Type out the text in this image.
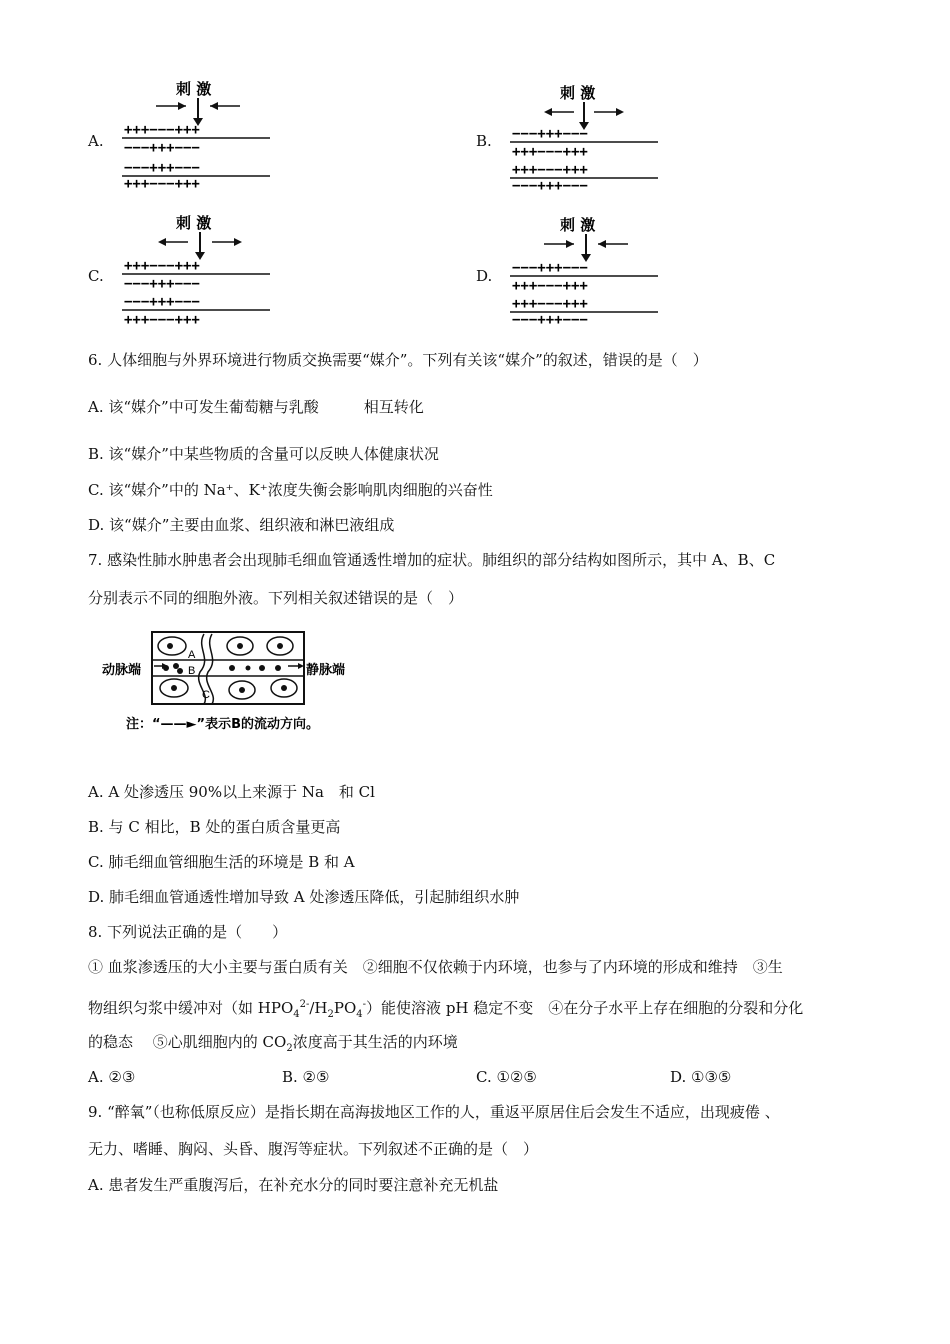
A.
刺 激
+++−−−+++
−−−+++−−−
−−−+++−−−
+++−−−+++
B.
刺 激
−−−+++−−−
+++−−−+++
+++−−−+++
−−−+++−−−
C.
刺 激
+++−−−+++
−−−+++−−−
−−−+++−−−
+++−−−+++
D.
刺 激
−−−+++−−−
+++−−−+++
+++−−−+++
−−−+++−−−
6. 人体细胞与外界环境进行物质交换需要“媒介”。下列有关该“媒介”的叙述，错误的是（　）
A. 该“媒介”中可发生葡萄糖与乳酸　　　相互转化
B. 该“媒介”中某些物质的含量可以反映人体健康状况
C. 该“媒介”中的 Na⁺、K⁺浓度失衡会影响肌肉细胞的兴奋性
D. 该“媒介”主要由血浆、组织液和淋巴液组成
7. 感染性肺水肿患者会出现肺毛细血管通透性增加的症状。肺组织的部分结构如图所示，其中 A、B、C
分别表示不同的细胞外液。下列相关叙述错误的是（　）
A
B
C
动脉端	静脉端
注：“——►”表示B的流动方向。
A. A 处渗透压 90%以上来源于 Na　和 Cl
B. 与 C 相比，B 处的蛋白质含量更高
C. 肺毛细血管细胞生活的环境是 B 和 A
D. 肺毛细血管通透性增加导致 A 处渗透压降低，引起肺组织水肿
8. 下列说法正确的是（　　）
① 血浆渗透压的大小主要与蛋白质有关　②细胞不仅依赖于内环境，也参与了内环境的形成和维持　③生
物组织匀浆中缓冲对（如 $HPO_4^{2-}/H_2PO_4^-$）能使溶液 pH 稳定不变　④在分子水平上存在细胞的分裂和分化
的稳态　 ⑤心肌细胞内的 $CO_2$浓度高于其生活的内环境
A. ②③	B. ②⑤	C. ①②⑤	D. ①③⑤
9. “醉氧”（也称低原反应）是指长期在高海拔地区工作的人，重返平原居住后会发生不适应，出现疲倦 、
无力、嗜睡、胸闷、头昏、腹泻等症状。下列叙述不正确的是（　）
A. 患者发生严重腹泻后，在补充水分的同时要注意补充无机盐
